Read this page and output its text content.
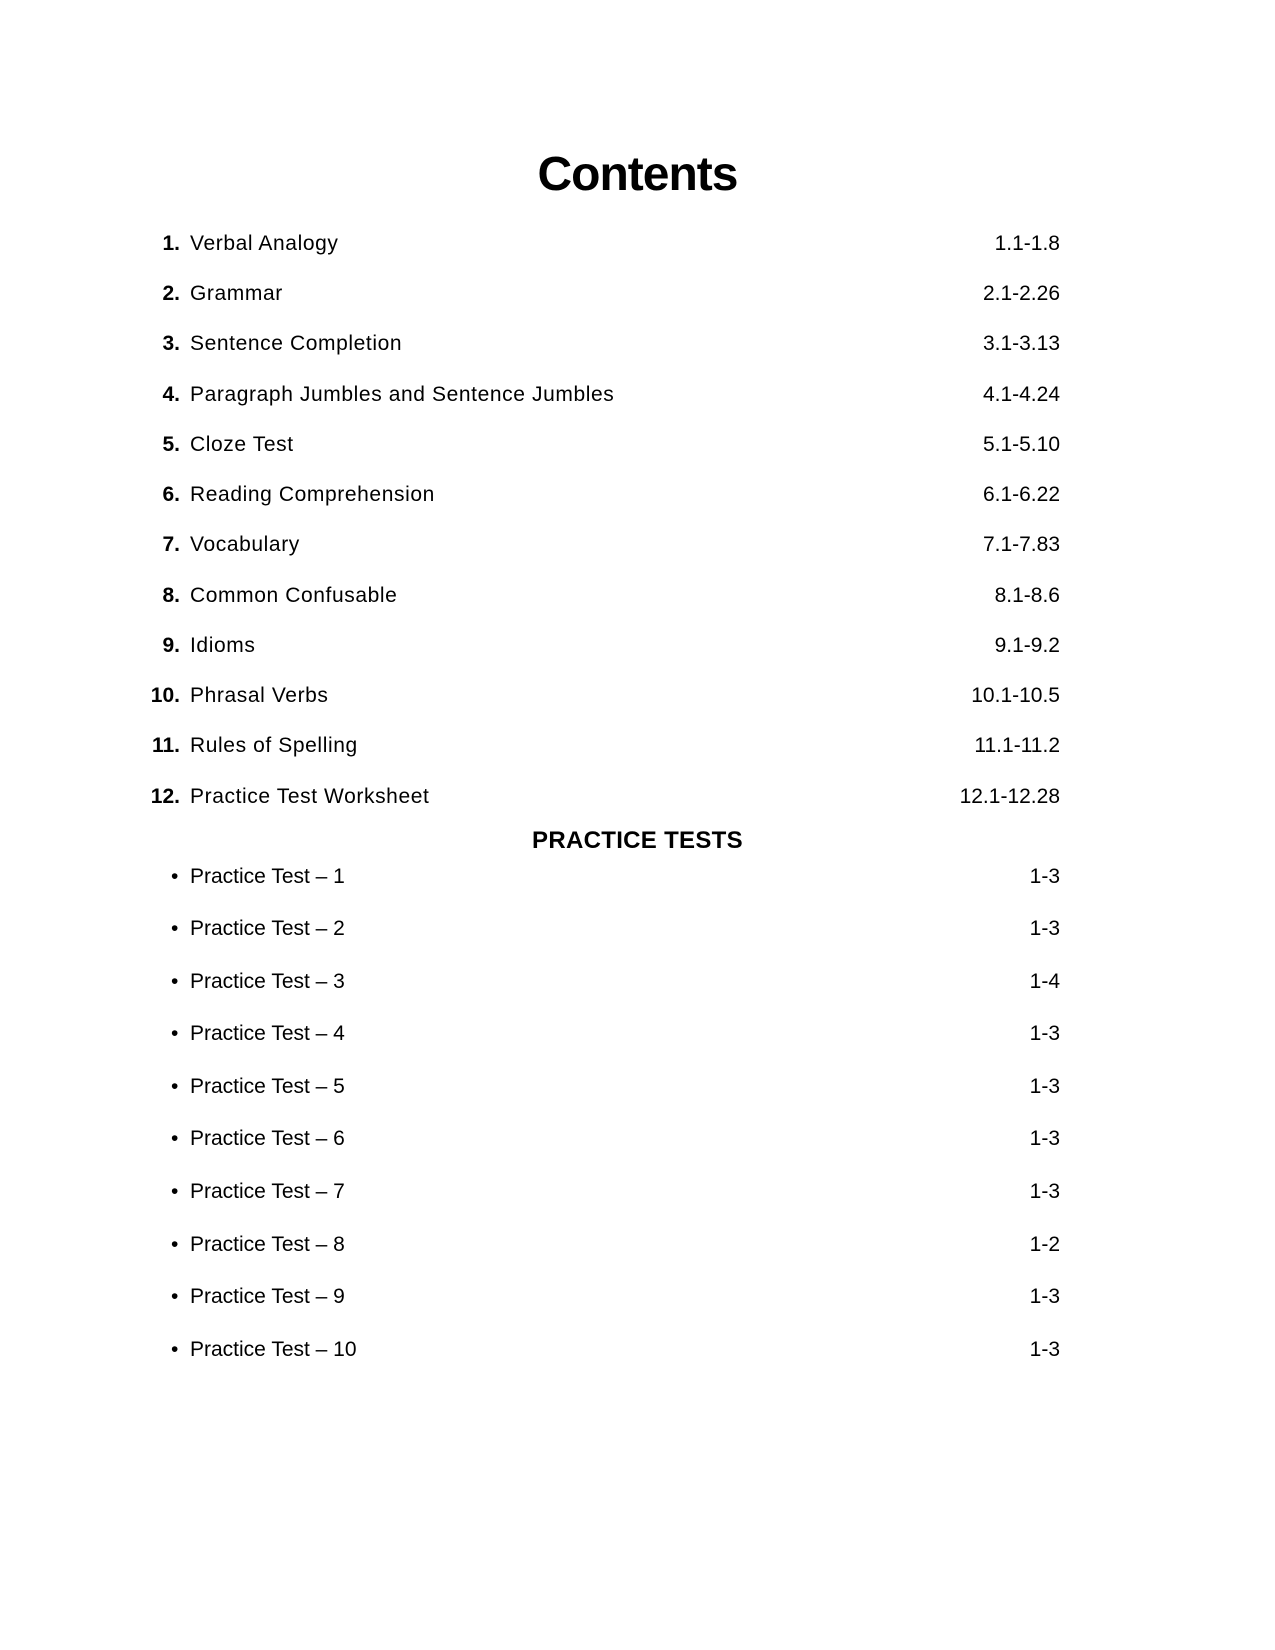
Contents
1. Verbal Analogy	1.1-1.8
2. Grammar	2.1-2.26
3. Sentence Completion	3.1-3.13
4. Paragraph Jumbles and Sentence Jumbles	4.1-4.24
5. Cloze Test	5.1-5.10
6. Reading Comprehension	6.1-6.22
7. Vocabulary	7.1-7.83
8. Common Confusable	8.1-8.6
9. Idioms	9.1-9.2
10. Phrasal Verbs	10.1-10.5
11. Rules of Spelling	11.1-11.2
12. Practice Test Worksheet	12.1-12.28
PRACTICE TESTS
• Practice Test – 1	1-3
• Practice Test – 2	1-3
• Practice Test – 3	1-4
• Practice Test – 4	1-3
• Practice Test – 5	1-3
• Practice Test – 6	1-3
• Practice Test – 7	1-3
• Practice Test – 8	1-2
• Practice Test – 9	1-3
• Practice Test – 10	1-3
